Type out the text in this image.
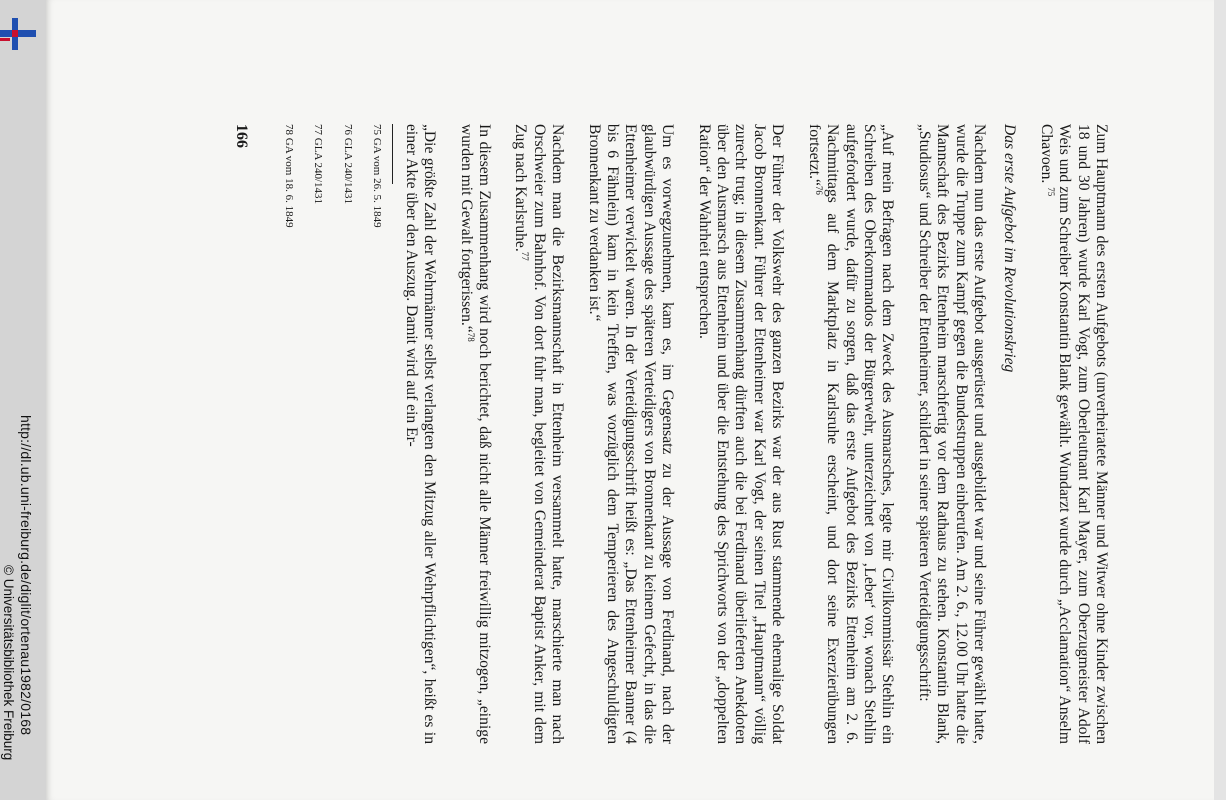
http://dl.ub.uni-freiburg.de/diglit/ortenau1982/0168
© Universitätsbibliothek Freiburg	Zum Hauptmann des ersten Aufgebots (unverheiratete Männer und Witwer ohne Kinder zwischen 18 und 30 Jahren) wurde Karl Vogt, zum Oberleutnant Karl Mayer, zum Oberzugmeister Adolf Weis und zum Schreiber Konstantin Blank gewählt. Wundarzt wurde durch „Acclamation“ Anselm Chavoen. $^{75}$

Das erste Aufgebot im Revolutionskrieg

Nachdem nun das erste Aufgebot ausgerüstet und ausgebildet war und seine Führer gewählt hatte, wurde die Truppe zum Kampf gegen die Bundestruppen einberufen. Am 2. 6., 12.00 Uhr hatte die Mannschaft des Bezirks Ettenheim marschfertig vor dem Rathaus zu stehen. Konstantin Blank, „Studiosus“ und Schreiber der Ettenheimer, schildert in seiner späteren Verteidigungsschrift:

„Auf mein Befragen nach dem Zweck des Ausmarsches, legte mir Civilkommissär Stehlin ein Schreiben des Oberkommandos der Bürgerwehr, unterzeichnet von ‚Leber‘ vor, wonach Stehlin aufgefordert wurde, dafür zu sorgen, daß das erste Aufgebot des Bezirks Ettenheim am 2. 6. Nachmittags auf dem Marktplatz in Karlsruhe erscheint, und dort seine Exerzierübungen fortsetzt.“$^{76}$

Der Führer der Volkswehr des ganzen Bezirks war der aus Rust stammende ehemalige Soldat Jacob Bronnenkant. Führer der Ettenheimer war Karl Vogt, der seinen Titel „Hauptmann“ völlig zurecht trug; in diesem Zusammenhang dürften auch die bei Ferdinand überlieferten Anekdoten über den Ausmarsch aus Ettenheim und über die Entstehung des Sprichworts von der „doppelten Ration“ der Wahrheit entsprechen.

Um es vorwegzunehmen, kam es, im Gegensatz zu der Aussage von Ferdinand, nach der glaubwürdigen Aussage des späteren Verteidigers von Bronnenkant zu keinem Gefecht, in das die Ettenheimer verwickelt waren. In der Verteidigungsschrift heißt es: „Das Ettenheimer Banner (4 bis 6 Fähnlein) kam in kein Treffen, was vorzüglich dem Temperieren des Angeschuldigten Bronnenkant zu verdanken ist.“

Nachdem man die Bezirksmannschaft in Ettenheim versammelt hatte, marschierte man nach Orschweier zum Bahnhof. Von dort fuhr man, begleitet von Gemeinderat Baptist Anker, mit dem Zug nach Karlsruhe.$^{77}$

In diesem Zusammenhang wird noch berichtet, daß nicht alle Männer freiwillig mitzogen, „einige wurden mit Gewalt fortgerissen.“$^{78}$

„Die größte Zahl der Wehrmänner selbst verlangten den Mitzug aller Wehrpflichtigen“, heißt es in einer Akte über den Auszug. Damit wird auf ein Er-

75 GA vom 26. 5. 1849

76 GLA 240/1431

77 GLA 240/1431

78 GA vom 18. 6. 1849

166
